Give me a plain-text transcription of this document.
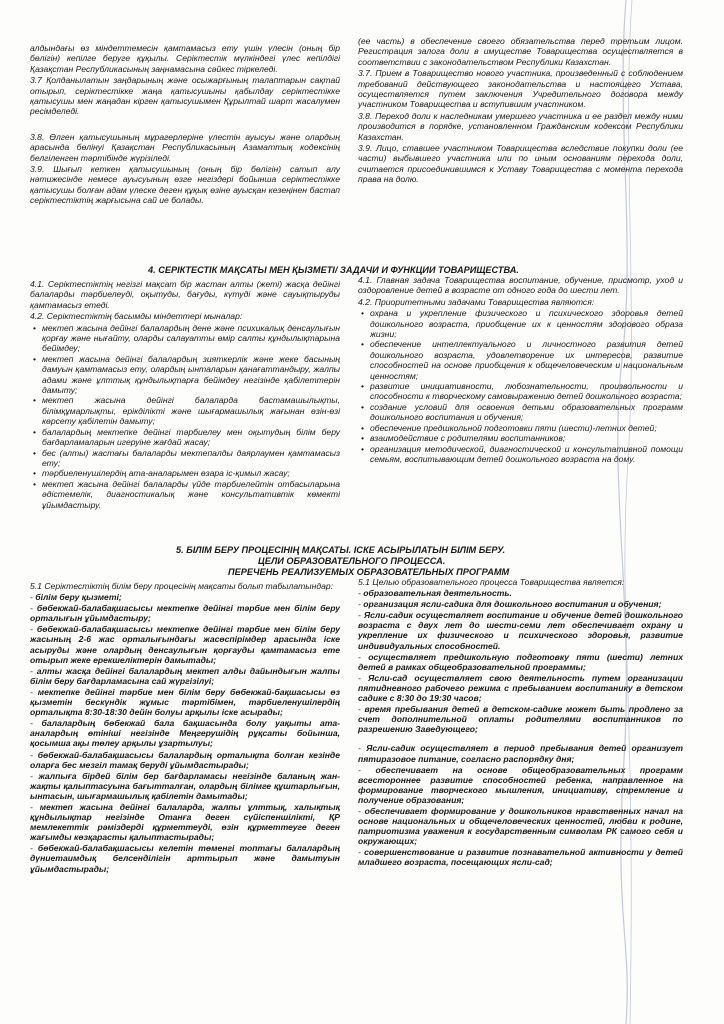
алдындағы өз міндеттемесін қамтамасыз ету үшін үлесін (оның бір бөлігін) кепілге беруге құқылы. Серіктестік мүлкіндегі үлес кепілдігі Қазақстан Республикасының заңнамасына сәйкес тіркеледі.

3.7 Қолданылатын заңдарының және осыжарғының талаптарын сақтай отырып, серіктестікке жаңа қатысушыны қабылдау серіктестікке қатысушы мен жаңадан кірген қатысушымен Құрылтай шарт жасалумен ресімделеді.

3.8. Өлген қатысушының мұрагерлеріне үлестін ауысуы және олардың арасында бөлінуі Қазақстан Республикасының Азаматтық кодексінің белгіленген тәртібінде жүрізіледі.

3.9. Шығып кеткен қатысушының (оның бір бөлігін) сатып алу нәтижесінде немесе ауысуының өзге негіздері бойынша серіктестікке қатысушы болған адам үлеске деген құқық өзіне ауысқан кезеңінен бастап серіктестіктің жарғысына сай ие болады.

(ее часть) в обеспечение своего обязательства перед третьим лицом. Регистрация залога доли в имуществе Товарищества осуществляется в соответствии с законодательством Республики Казахстан.

3.7. Прием в Товарищество нового участника, произведенный с соблюдением требований действующего законодательства и настоящего Устава, осуществляется путем заключения Учредительного договора между участником Товарищества и вступившим участником.

3.8. Переход доли к наследникам умершего участника и ее раздел между ними производится в порядке, установленном Гражданским кодексом Республики Казахстан.

3.9. Лицо, ставшее участником Товарищества вследствие покупки доли (ее части) выбывшего участника или по иным основаниям перехода доли, считается присоединившимся к Уставу Товарищества с момента перехода права на долю.

4. СЕРІКТЕСТІК МАҚСАТЫ МЕН ҚЫЗМЕТІ/ ЗАДАЧИ И ФУНКЦИИ ТОВАРИЩЕСТВА.

4.1. Серіктестіктің негізгі мақсат бір жастан алты (жеті) жасқа дейінгі балаларды тәрбиелеуді, оқытуды, бағуды, күтуді және сауықтыруды қамтамасыз етеді.

4.2. Серіктестіктің басымды міндеттері мыналар:

• мектеп жасына дейінгі балалардың дене және психикалық денсаулығын қорғау және нығайту, оларды салауатты өмір салты құндылықтарына бейімдеу;
• мектеп жасына дейінгі балалардың зияткерлік және жеке басының дамуын қамтамасыз ету, олардың ынталарын қанағаттандыру, жалпы адами және ұлттық құндылықтарға бейімдеу негізінде қабілеттерін дамыту;
• мектеп жасына дейінгі балаларда бастамашылықты, білімқұмарлықты, ерікділікті және шығармашылық жағынан өзін-өзі көрсету қабілетін дамыту;
• балалардың мектепке дейінгі тәрбиелеу мен оқытудың білім беру бағдарламаларын игеруіне жағдай жасау;
• бес (алты) жастағы балаларды мектепалды даярлаумен қамтамасыз ету;
• тәрбиеленушілердің ата-аналарымен өзара іс-қимыл жасау;
• мектеп жасына дейінгі балаларды үйде тәрбиелейтін отбасыларына әдістемелік, диагностикалық және консультативтік көмекті ұйымдастыру.

4.1. Главная задача Товарищества воспитание, обучение, присмотр, уход и оздоровление детей в возрасте от одного года до шести лет.

4.2. Приоритетными задачами Товарищества являются:

• охрана и укрепление физического и психического здоровья детей дошкольного возраста, приобщение их к ценностям здорового образа жизни;
• обеспечение интеллектуального и личностного развития детей дошкольного возраста, удовлетворение их интересов, развитие способностей на основе приобщения к общечеловеческим и национальным ценностям;
• развитие инициативности, любознательности, произвольности и способности к творческому самовыражению детей дошкольного возраста;
• создание условий для освоения детьми образовательных программ дошкольного воспитания и обучения;
• обеспечение предшкольной подготовки пяти (шести)-летних детей;
• взаимодействие с родителями воспитанников;
• организация методической, диагностической и консультативной помощи семьям, воспитывающим детей дошкольного возраста на дому.
5. БІЛІМ БЕРУ ПРОЦЕСІНІҢ МАҚСАТЫ. ІСКЕ АСЫРЫЛАТЫН БІЛІМ БЕРУ.
ЦЕЛИ ОБРАЗОВАТЕЛЬНОГО ПРОЦЕССА.
ПЕРЕЧЕНЬ РЕАЛИЗУЕМЫХ ОБРАЗОВАТЕЛЬНЫХ ПРОГРАММ

5.1 Серіктестіктің білім беру процесінің мақсаты болып табылатындар:

- білім беру қызметі;

- бөбекжай-балабақшасысы мектепке дейінгі тәрбие мен білім беру орталығын ұйымдастыру;

- бөбекжай-балабақшасысы мектепке дейінгі тәрбие мен білім беру жасының 2-6 жас орталығындағы жасөспірімдер арасында іске асыруды және олардың денсаулығын қорғауды қамтамасыз ете отырып жеке ерекшеліктерін дамытады;

- алты жасқа дейінгі балалардың мектеп алды дайындығын жалпы білім беру бағдарламасына сай жүргізілуі;

- мектепке дейінгі тәрбие мен білім беру бөбекжай-бақшасысы өз қызметін бескүндік жұмыс тәртібімен, тәрбиеленушілердің орталықта 8:30-18:30 дейін болуы арқылы іске асырады;

- балалардың бөбекжай бала бақшасында болу уақыты ата-аналардың өтініші негізінде Меңгерушідің рұқсаты бойынша, қосымша ақы төлеу арқылы ұзартылуы;

- бөбекжай-балабақшасысы балалардың орталықта болған кезінде оларға бес мезгіл тамақ беруді ұйымдастырады;

- жалпыға бірдей білім бер бағдарламасы негізінде баланың жан-жақты қалыптасуына бағытталған, олардың білімге құштарлығын, ынтасын, шығармашылық қабілетін дамытады;

- мектеп жасына дейінгі балаларда, жалпы ұлттық, халықтық құндылықтар негізінде Отанға деген сүйіспеншілікті, ҚР мемлекеттік рәміздерді құрметтеуді, өзін құрметтеуге деген жағымды көзқарасты қалыптастырады;

- бөбекжай-балабақшасысы келетін төменгі топтағы балалардың дүниетаимдық белсенділігін арттырып және дамытуын ұйымдастырады;

5.1 Целью образовательного процесса Товарищества является:

- образовательная деятельность.

- организация ясли-садика для дошкольного воспитания и обучения;

- Ясли-садик осуществляет воспитание и обучение детей дошкольного возраста с двух лет до шести-семи лет обеспечивает охрану и укрепление их физического и психического здоровья, развитие индивидуальных способностей.

- осуществляет предшкольную подготовку пяти (шести) летних детей в рамках общеобразовательной программы;

- Ясли-сад осуществляет свою деятельность путем организации пятидневного рабочего режима с пребыванием воспитанику в детском садике с 8:30 до 19:30 часов;

- время пребывания детей в детском-садике может быть продлено за счет дополнительной оплаты родителями воспитанников по разрешению Заведующего;

- Ясли-садик осуществляет в период пребывания детей организует пятиразовое питание, согласно распорядку дня;

- обеспечивает на основе общеобразовательных программ всестороннее развитие способностей ребенка, направленное на формирование творческого мышления, инициативу, стремление и получение образования;

- обеспечивает формирование у дошкольников нравственных начал на основе национальных и общечеловеческих ценностей, любви к родине, патриотизма уважения к государственным символам РК самого себя и окружающих;

- совершенствование и развитие познавательной активности у детей младшего возраста, посещающих ясли-сад;
